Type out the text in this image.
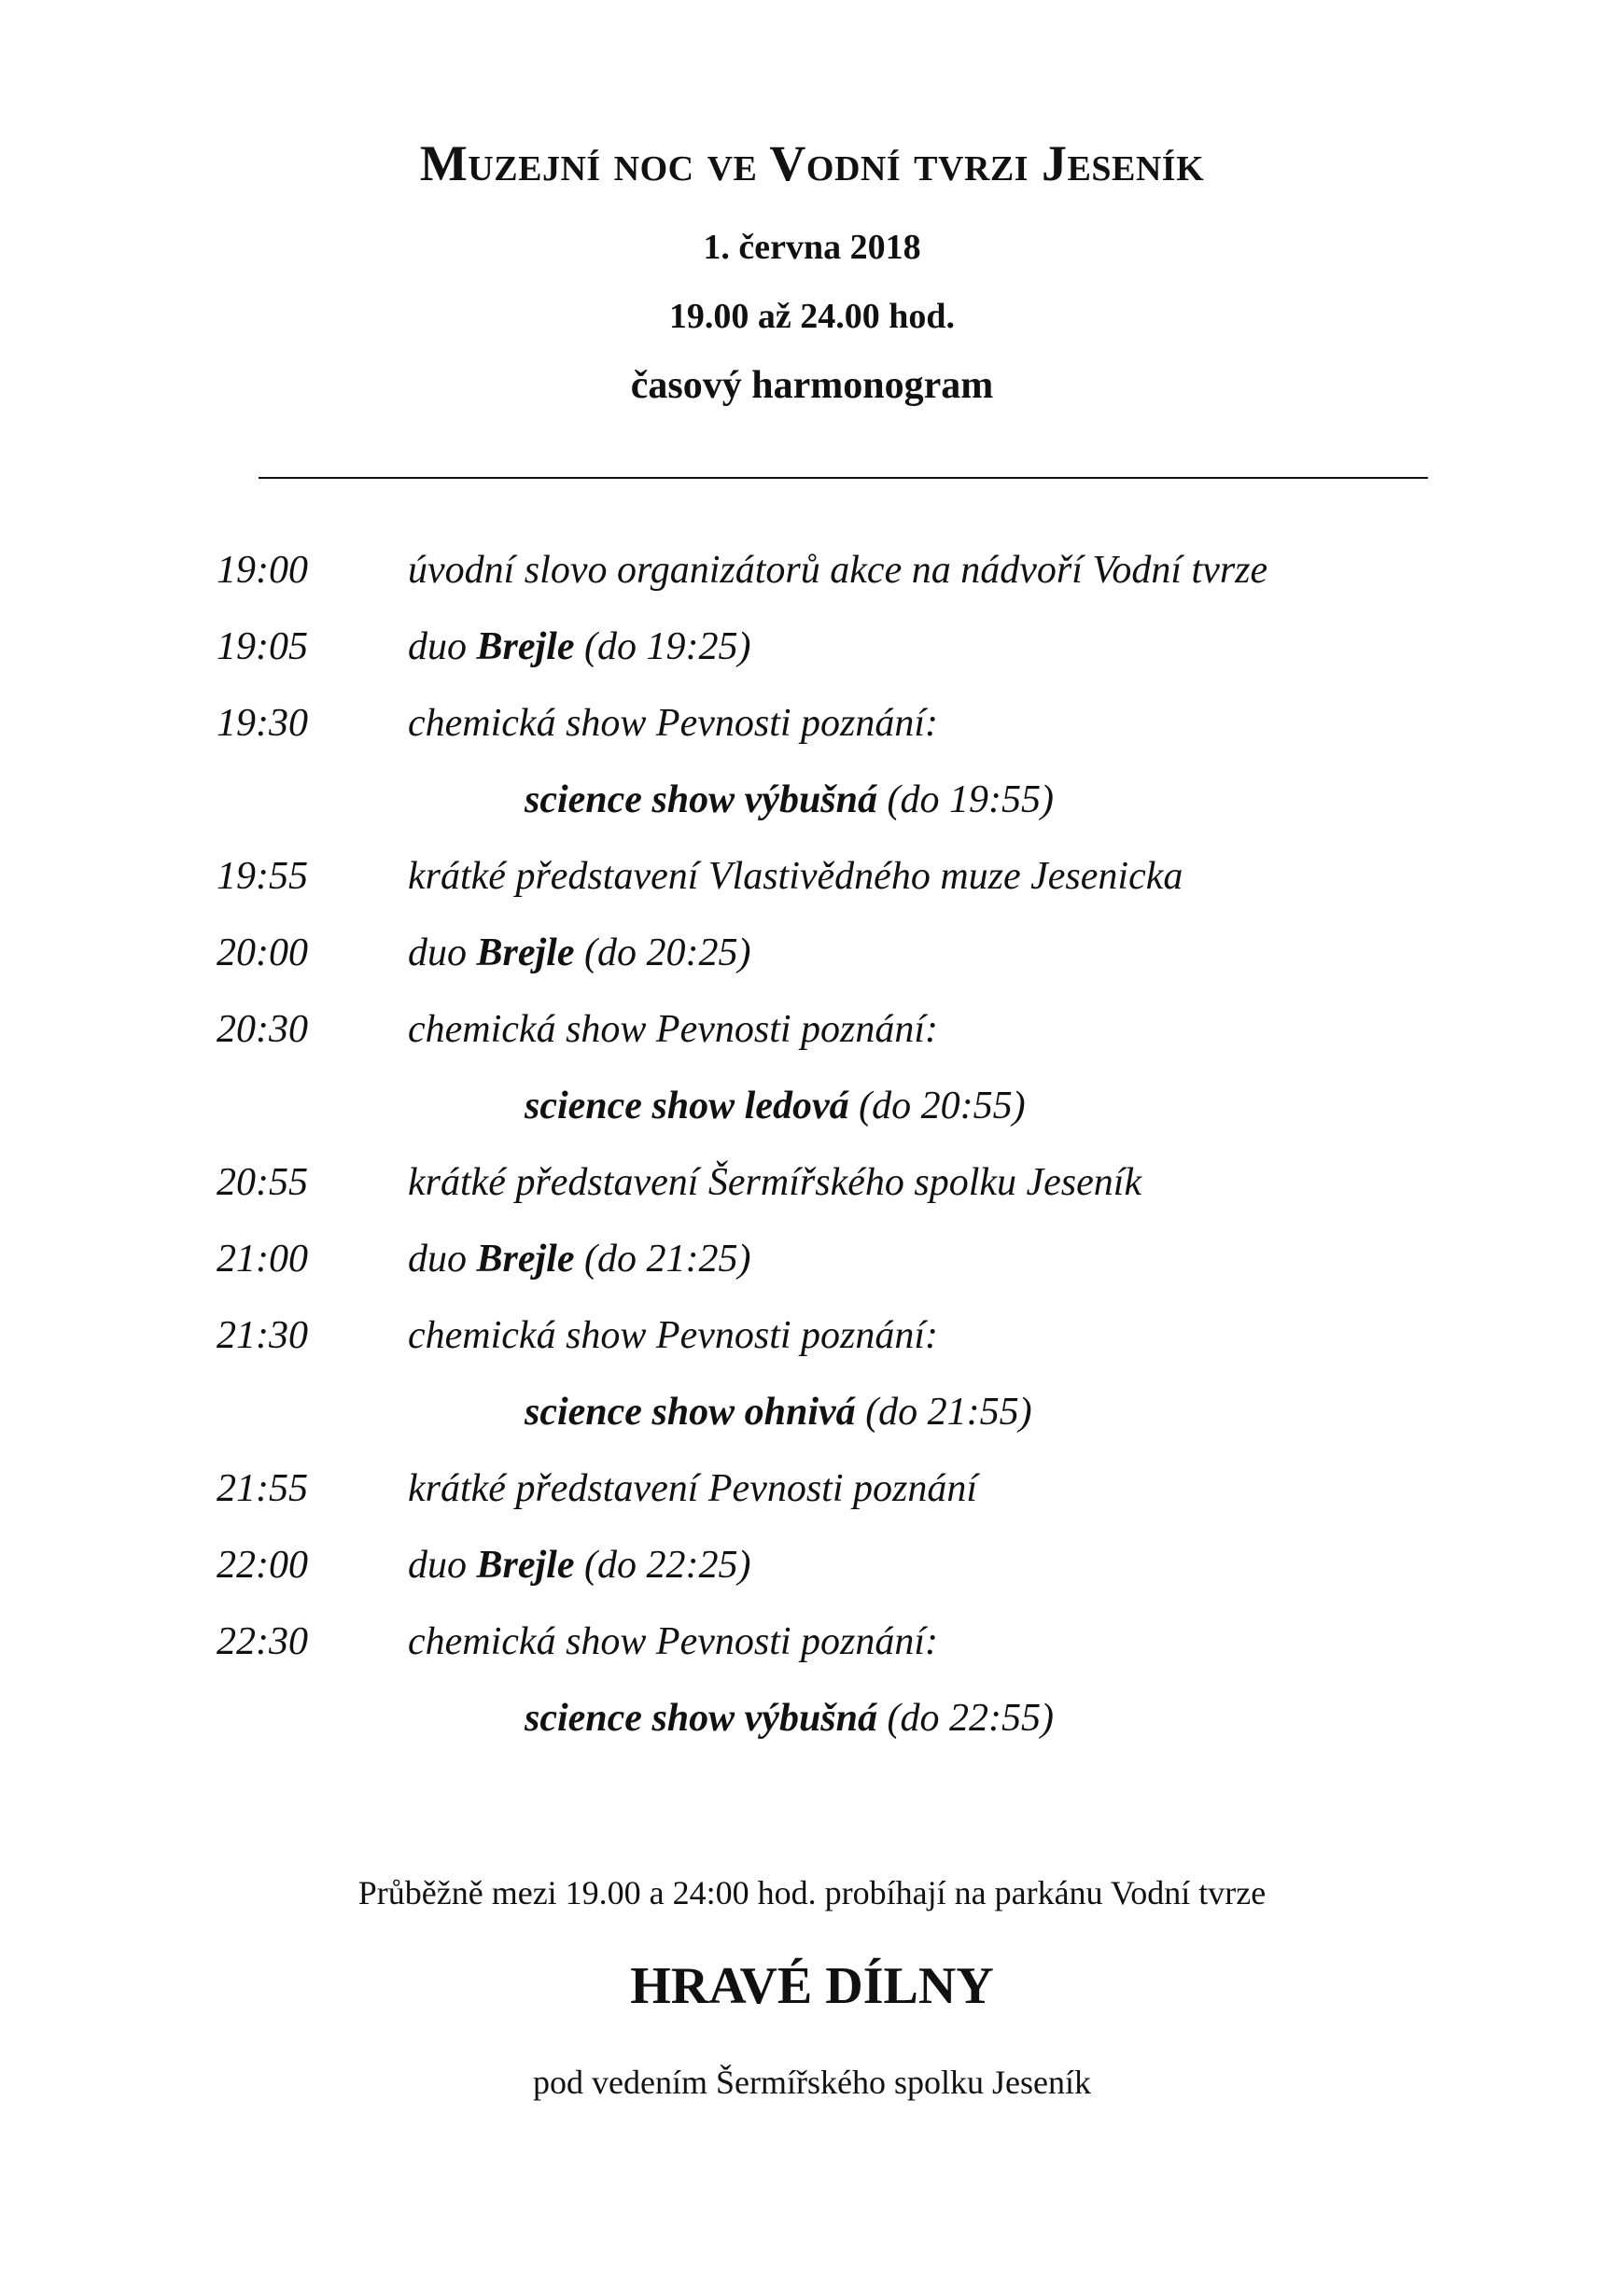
Muzejní noc ve Vodní tvrzi Jeseník
1. června 2018
19.00 až 24.00 hod.
časový harmonogram
19:00	úvodní slovo organizátorů akce na nádvoří Vodní tvrze
19:05	duo Brejle (do 19:25)
19:30	chemická show Pevnosti poznání:
science show výbušná (do 19:55)
19:55	krátké představení Vlastivědného muze Jesenicka
20:00	duo Brejle (do 20:25)
20:30	chemická show Pevnosti poznání:
science show ledová (do 20:55)
20:55	krátké představení Šermířského spolku Jeseník
21:00	duo Brejle (do 21:25)
21:30	chemická show Pevnosti poznání:
science show ohnivá (do 21:55)
21:55	krátké představení Pevnosti poznání
22:00	duo Brejle (do 22:25)
22:30	chemická show Pevnosti poznání:
science show výbušná (do 22:55)
Průběžně mezi 19.00 a 24:00 hod. probíhají na parkánu Vodní tvrze
HRAVÉ DÍLNY
pod vedením Šermířského spolku Jeseník
